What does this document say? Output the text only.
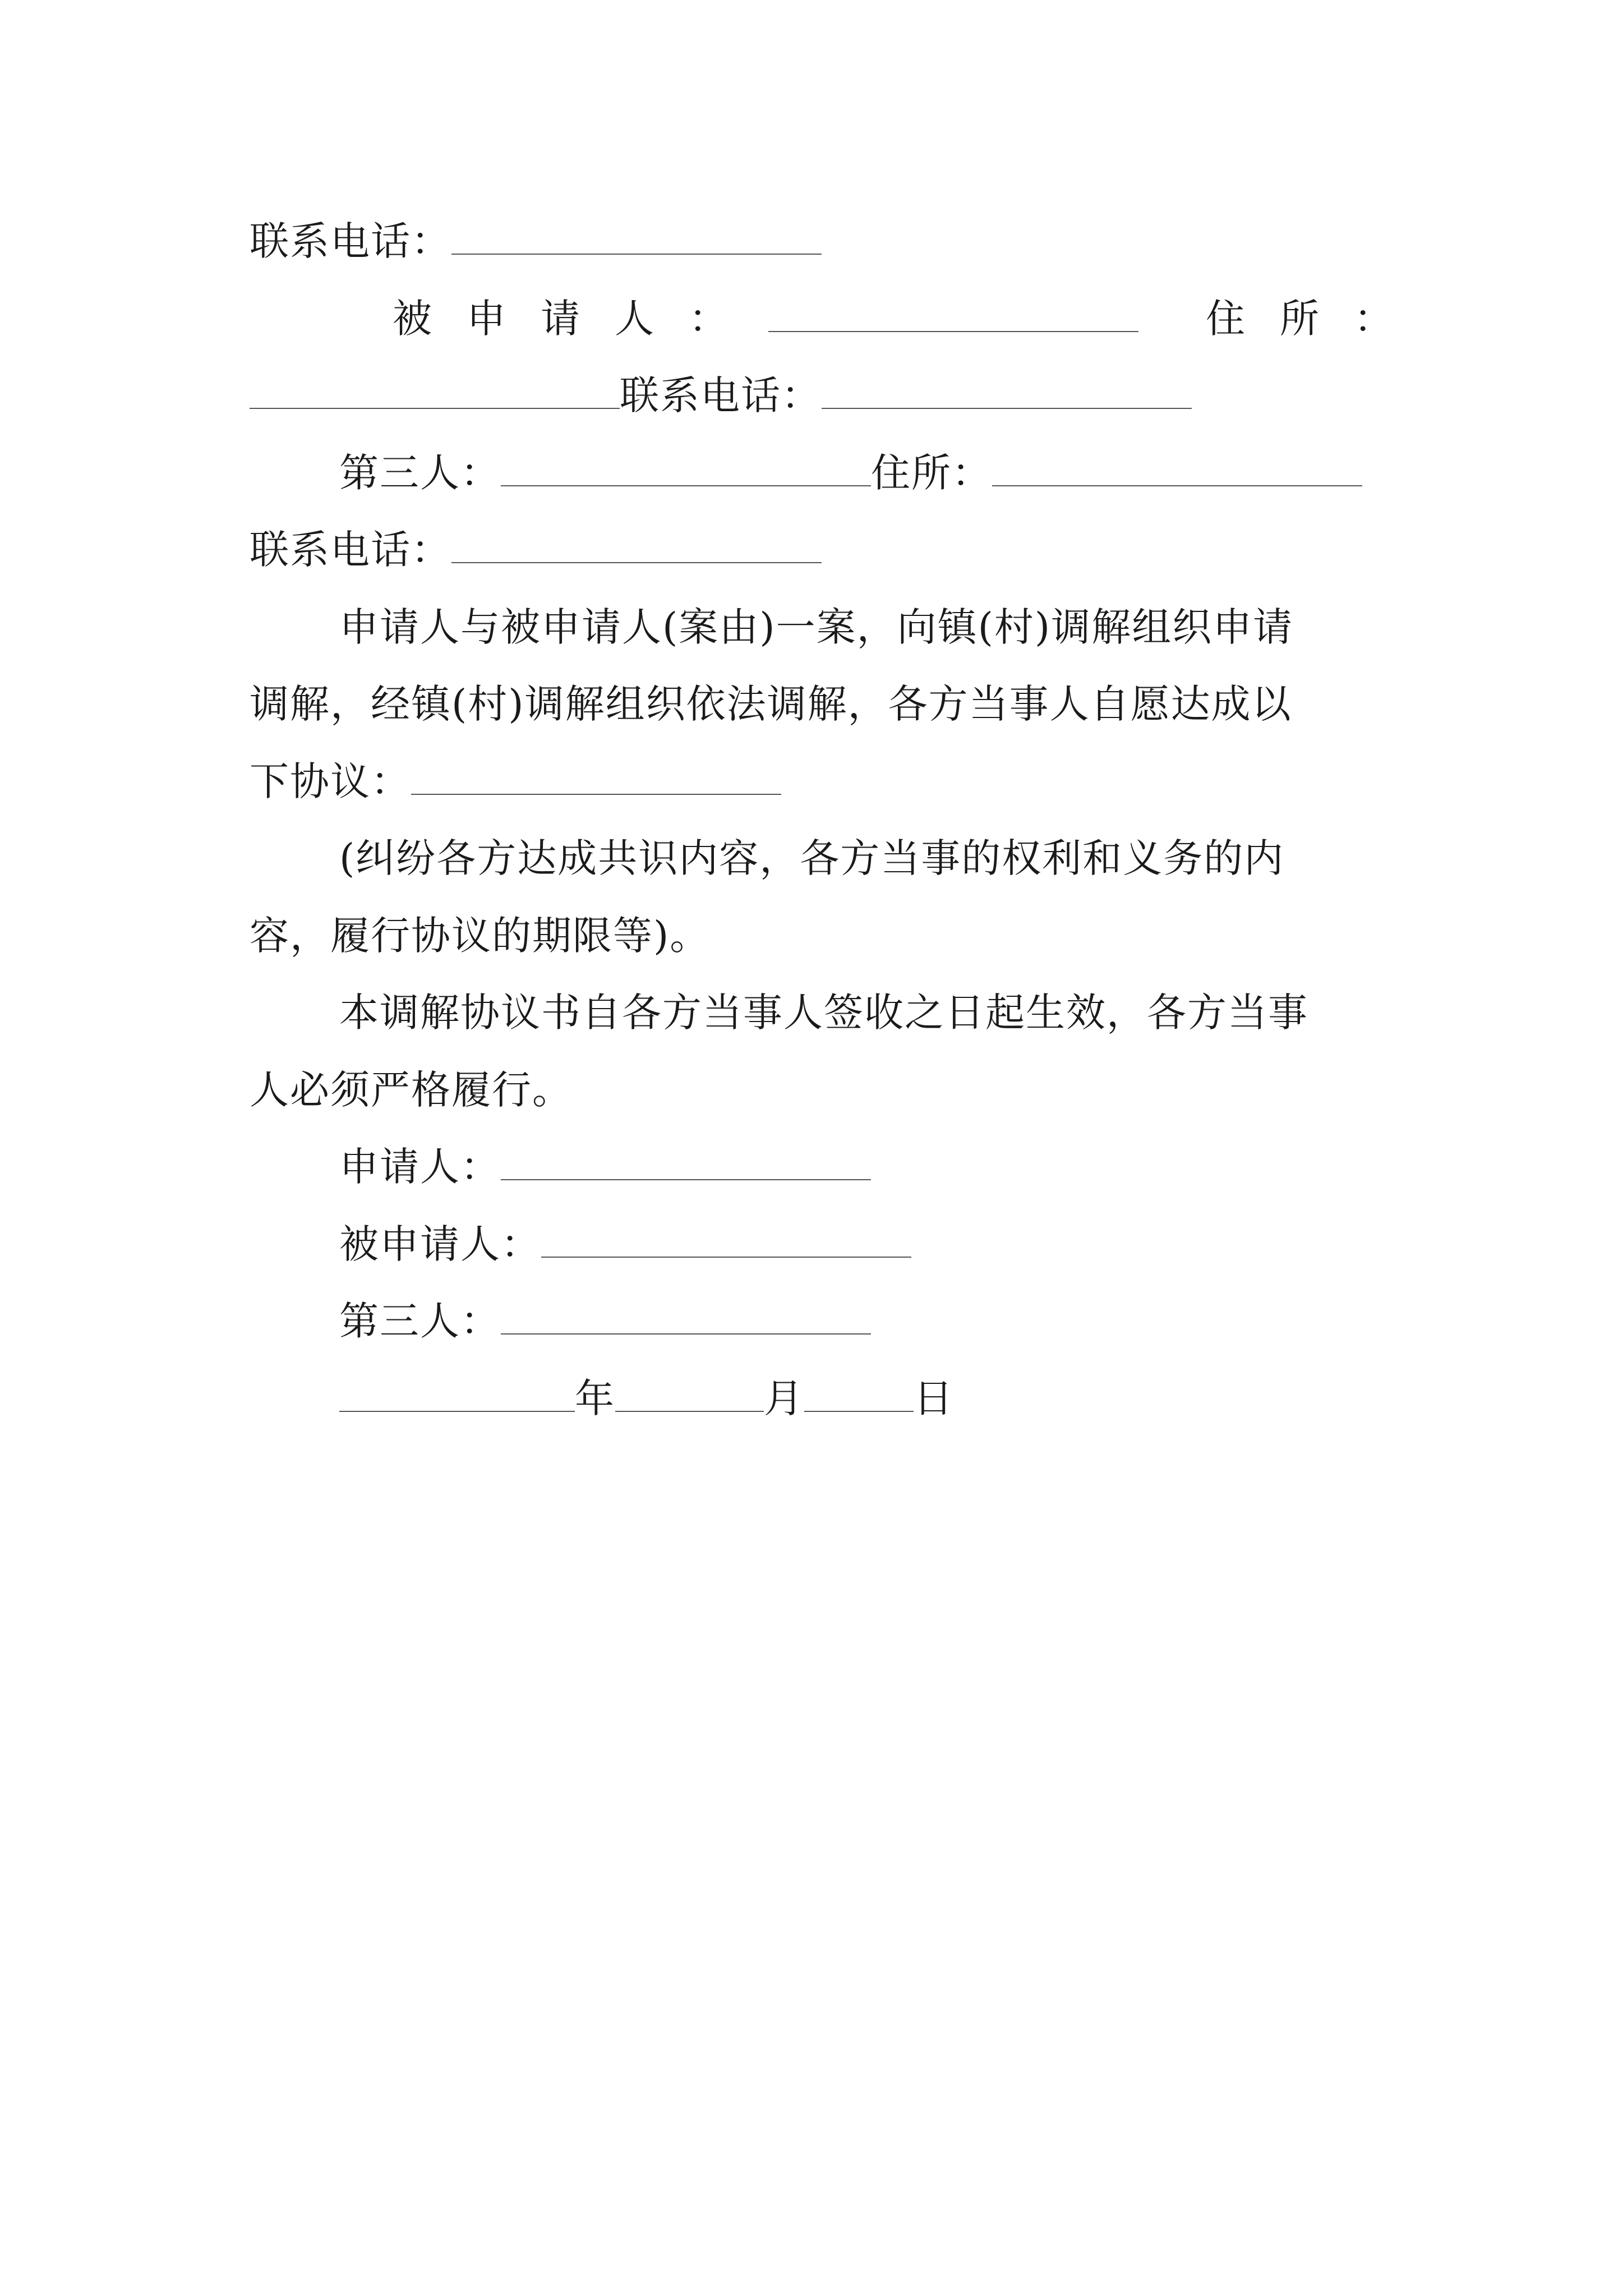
联系电话：
被申请人：	住所：
联系电话：
第三人：	住所：
联系电话：
申请人与被申请人(案由)一案，向镇(村)调解组织申请
调解，经镇(村)调解组织依法调解，各方当事人自愿达成以
下协议：
(纠纷各方达成共识内容，各方当事的权利和义务的内
容，履行协议的期限等)。
本调解协议书自各方当事人签收之日起生效，各方当事
人必须严格履行。
申请人：
被申请人：
第三人：
年	月	日
